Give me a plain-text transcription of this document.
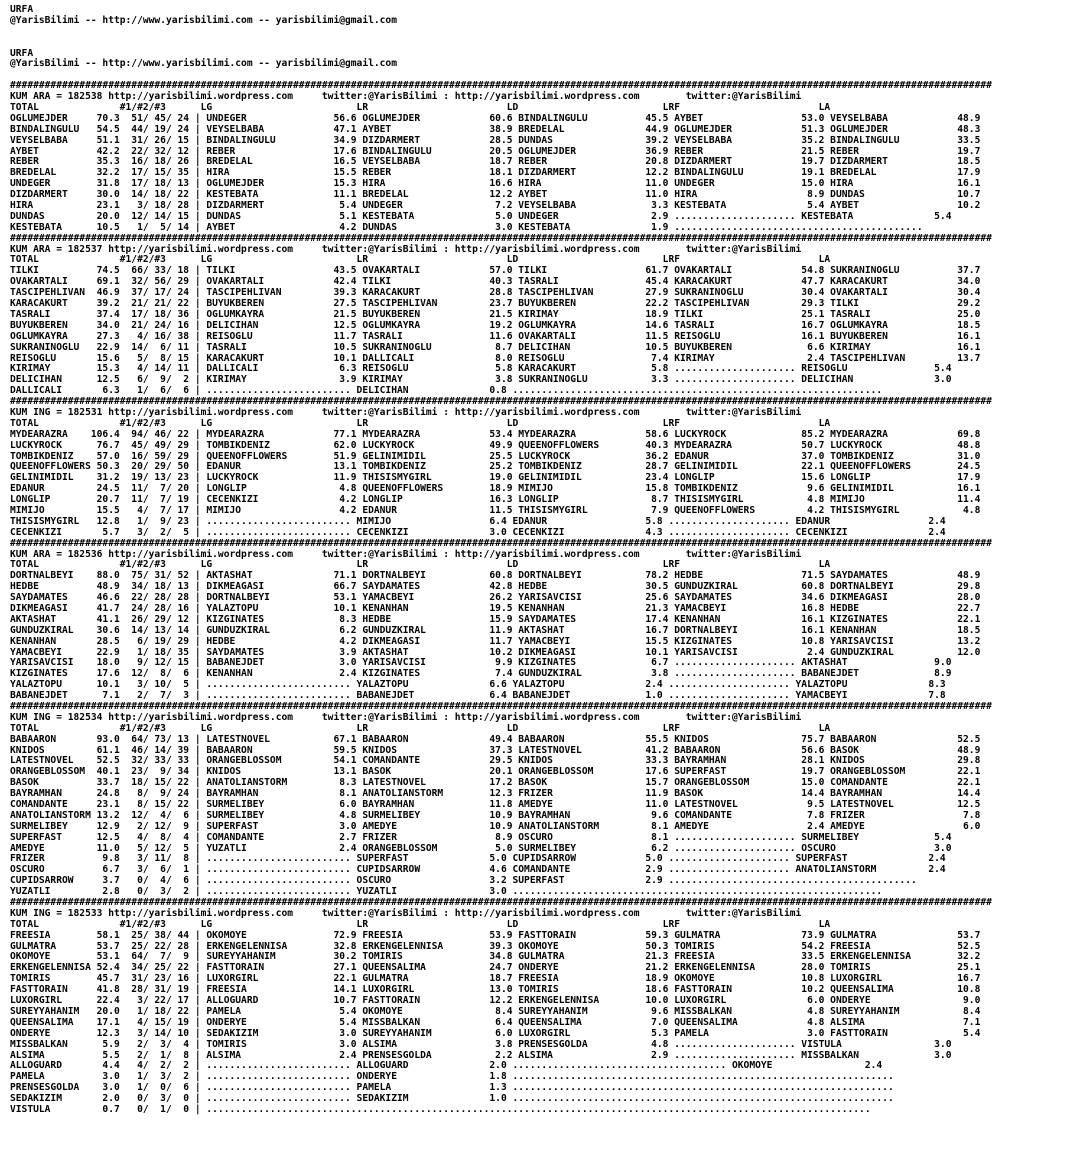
URFA
@YarisBilimi -- http://www.yarisbilimi.com -- yarisbilimi@gmail.com
URFA
@YarisBilimi -- http://www.yarisbilimi.com -- yarisbilimi@gmail.com
##########################################################################################################################################################################
KUM ARA = 182538 http://yarisbilimi.wordpress.com     twitter:@YarisBilimi : http://yarisbilimi.wordpress.com        twitter:@YarisBilimi
TOTAL              #1/#2/#3      LG                         LR                        LD                         LRF                        LA
OGLUMEJDER     70.3  51/ 45/ 24 | UNDEGER               56.6 OGLUMEJDER            60.6 BINDALINGULU          45.5 AYBET                 53.0 VEYSELBABA            48.9
BINDALINGULU   54.5  44/ 19/ 24 | VEYSELBABA            47.1 AYBET                 38.9 BREDELAL              44.9 OGLUMEJDER            51.3 OGLUMEJDER            48.3
VEYSELBABA     51.1  31/ 26/ 15 | BINDALINGULU          34.9 DIZDARMERT            28.5 DUNDAS                39.2 VEYSELBABA            35.2 BINDALINGULU          33.5
AYBET          42.2  22/ 32/ 12 | REBER                 17.6 BINDALINGULU          20.5 OGLUMEJDER            36.9 REBER                 21.5 REBER                 19.7
REBER          35.3  16/ 18/ 26 | BREDELAL              16.5 VEYSELBABA            18.7 REBER                 20.8 DIZDARMERT            19.7 DIZDARMERT            18.5
BREDELAL       32.2  17/ 15/ 35 | HIRA                  15.5 REBER                 18.1 DIZDARMERT            12.2 BINDALINGULU          19.1 BREDELAL              17.9
UNDEGER        31.8  17/ 18/ 13 | OGLUMEJDER            15.3 HIRA                  16.6 HIRA                  11.0 UNDEGER               15.0 HIRA                  16.1
DIZDARMERT     30.0  14/ 18/ 22 | KESTEBATA             11.1 BREDELAL              12.2 AYBET                 11.0 HIRA                   8.9 DUNDAS                10.7
HIRA           23.1   3/ 18/ 28 | DIZDARMERT             5.4 UNDEGER                7.2 VEYSELBABA             3.3 KESTEBATA              5.4 AYBET                 10.2
DUNDAS         20.0  12/ 14/ 15 | DUNDAS                 5.1 KESTEBATA              5.0 UNDEGER                2.9 ..................... KESTEBATA              5.4
KESTEBATA      10.5   1/  5/ 14 | AYBET                  4.2 DUNDAS                 3.0 KESTEBATA              1.9 ...........................................
##########################################################################################################################################################################
KUM ARA = 182537 http://yarisbilimi.wordpress.com     twitter:@YarisBilimi : http://yarisbilimi.wordpress.com        twitter:@YarisBilimi
TOTAL              #1/#2/#3      LG                         LR                        LD                         LRF                        LA
TILKI          74.5  66/ 33/ 18 | TILKI                 43.5 OVAKARTALI            57.0 TILKI                 61.7 OVAKARTALI            54.8 SUKRANINOGLU          37.7
OVAKARTALI     69.1  32/ 56/ 29 | OVAKARTALI            42.4 TILKI                 40.3 TASRALI               45.4 KARACAKURT            47.7 KARACAKURT            34.0
TASCIPEHLIVAN  46.9  37/ 17/ 24 | TASCIPEHLIVAN         39.3 KARACAKURT            28.8 TASCIPEHLIVAN         27.9 SUKRANINOGLU          30.4 OVAKARTALI            30.4
KARACAKURT     39.2  21/ 21/ 22 | BUYUKBEREN            27.5 TASCIPEHLIVAN         23.7 BUYUKBEREN            22.2 TASCIPEHLIVAN         29.3 TILKI                 29.2
TASRALI        37.4  17/ 18/ 36 | OGLUMKAYRA            21.5 BUYUKBEREN            21.5 KIRIMAY               18.9 TILKI                 25.1 TASRALI               25.0
BUYUKBEREN     34.0  21/ 24/ 16 | DELICIHAN             12.5 OGLUMKAYRA            19.2 OGLUMKAYRA            14.6 TASRALI               16.7 OGLUMKAYRA            18.5
OGLUMKAYRA     27.3   4/ 16/ 38 | REISOGLU              11.7 TASRALI               11.6 OVAKARTALI            11.5 REISOGLU              16.1 BUYUKBEREN            16.1
SUKRANINOGLU   22.9  14/  6/ 11 | TASRALI               10.5 SUKRANINOGLU           8.7 DELICIHAN             10.5 BUYUKBEREN             6.6 KIRIMAY               16.1
REISOGLU       15.6   5/  8/ 15 | KARACAKURT            10.1 DALLICALI              8.0 REISOGLU               7.4 KIRIMAY                2.4 TASCIPEHLIVAN         13.7
KIRIMAY        15.3   4/ 14/ 11 | DALLICALI              6.3 REISOGLU               5.8 KARACAKURT             5.8 ..................... REISOGLU               5.4
DELICIHAN      12.5   6/  9/  2 | KIRIMAY                3.9 KIRIMAY                3.8 SUKRANINOGLU           3.3 ..................... DELICIHAN              3.0
DALLICALI       6.3   1/  6/  6 | ......................... DELICIHAN              0.8 ................................................................
##########################################################################################################################################################################
KUM ING = 182531 http://yarisbilimi.wordpress.com     twitter:@YarisBilimi : http://yarisbilimi.wordpress.com        twitter:@YarisBilimi
TOTAL              #1/#2/#3      LG                         LR                        LD                         LRF                        LA
MYDEARAZRA    106.4  94/ 46/ 22 | MYDEARAZRA            77.1 MYDEARAZRA            53.4 MYDEARAZRA            58.6 LUCKYROCK             85.2 MYDEARAZRA            69.8
LUCKYROCK      76.7  45/ 49/ 29 | TOMBIKDENIZ           62.0 LUCKYROCK             49.9 QUEENOFFLOWERS        40.3 MYDEARAZRA            50.7 LUCKYROCK             48.8
TOMBIKDENIZ    57.0  16/ 59/ 29 | QUEENOFFLOWERS        51.9 GELINIMIDIL           25.5 LUCKYROCK             36.2 EDANUR                37.0 TOMBIKDENIZ           31.0
QUEENOFFLOWERS 50.3  20/ 29/ 50 | EDANUR                13.1 TOMBIKDENIZ           25.2 TOMBIKDENIZ           28.7 GELINIMIDIL           22.1 QUEENOFFLOWERS        24.5
GELINIMIDIL    31.2  19/ 13/ 23 | LUCKYROCK             11.9 THISISMYGIRL          19.0 GELINIMIDIL           23.4 LONGLIP               15.6 LONGLIP               17.9
EDANUR         24.5  11/  7/ 20 | LONGLIP                4.8 QUEENOFFLOWERS        18.9 MIMIJO                15.8 TOMBIKDENIZ            9.6 GELINIMIDIL           16.1
LONGLIP        20.7  11/  7/ 19 | CECENKIZI              4.2 LONGLIP               16.3 LONGLIP                8.7 THISISMYGIRL           4.8 MIMIJO                11.4
MIMIJO         15.5   4/  7/ 17 | MIMIJO                 4.2 EDANUR                11.5 THISISMYGIRL           7.9 QUEENOFFLOWERS         4.2 THISISMYGIRL           4.8
THISISMYGIRL   12.8   1/  9/ 23 | ......................... MIMIJO                 6.4 EDANUR                 5.8 ..................... EDANUR                 2.4
CECENKIZI       5.7   3/  2/  5 | ......................... CECENKIZI              3.0 CECENKIZI              4.3 ..................... CECENKIZI              2.4
##########################################################################################################################################################################
KUM ARA = 182536 http://yarisbilimi.wordpress.com     twitter:@YarisBilimi : http://yarisbilimi.wordpress.com        twitter:@YarisBilimi
TOTAL              #1/#2/#3      LG                         LR                        LD                         LRF                        LA
DORTNALBEYI    88.0  75/ 31/ 52 | AKTASHAT              71.1 DORTNALBEYI           60.8 DORTNALBEYI           78.2 HEDBE                 71.5 SAYDAMATES            48.9
HEDBE          48.9  34/ 18/ 13 | DIKMEAGASI            66.7 SAYDAMATES            42.8 HEDBE                 30.5 GUNDUZKIRAL           60.8 DORTNALBEYI           29.8
SAYDAMATES     46.6  22/ 28/ 28 | DORTNALBEYI           53.1 YAMACBEYI             26.2 YARISAVCISI           25.6 SAYDAMATES            34.6 DIKMEAGASI            28.0
DIKMEAGASI     41.7  24/ 28/ 16 | YALAZTOPU             10.1 KENANHAN              19.5 KENANHAN              21.3 YAMACBEYI             16.8 HEDBE                 22.7
AKTASHAT       41.1  26/ 29/ 12 | KIZGINATES             8.3 HEDBE                 15.9 SAYDAMATES            17.4 KENANHAN              16.1 KIZGINATES            22.1
GUNDUZKIRAL    30.6  14/ 13/ 14 | GUNDUZKIRAL            6.2 GUNDUZKIRAL           11.9 AKTASHAT              16.7 DORTNALBEYI           16.1 KENANHAN              18.5
KENANHAN       28.5   6/ 19/ 29 | HEDBE                  4.2 DIKMEAGASI            11.7 YAMACBEYI             15.5 KIZGINATES            10.8 YARISAVCISI           13.2
YAMACBEYI      22.9   1/ 18/ 35 | SAYDAMATES             3.9 AKTASHAT              10.2 DIKMEAGASI            10.1 YARISAVCISI            2.4 GUNDUZKIRAL           12.0
YARISAVCISI    18.0   9/ 12/ 15 | BABANEJDET             3.0 YARISAVCISI            9.9 KIZGINATES             6.7 ..................... AKTASHAT               9.0
KIZGINATES     17.6  12/  8/  6 | KENANHAN               2.4 KIZGINATES             7.4 GUNDUZKIRAL            3.8 ..................... BABANEJDET             8.9
YALAZTOPU      10.1   3/ 10/  5 | ......................... YALAZTOPU              6.6 YALAZTOPU              2.4 ..................... YALAZTOPU              8.3
BABANEJDET      7.1   2/  7/  3 | ......................... BABANEJDET             6.4 BABANEJDET             1.0 ..................... YAMACBEYI              7.8
##########################################################################################################################################################################
KUM ING = 182534 http://yarisbilimi.wordpress.com     twitter:@YarisBilimi : http://yarisbilimi.wordpress.com        twitter:@YarisBilimi
TOTAL              #1/#2/#3      LG                         LR                        LD                         LRF                        LA
BABAARON       93.0  64/ 73/ 13 | LATESTNOVEL           67.1 BABAARON              49.4 BABAARON              55.5 KNIDOS                75.7 BABAARON              52.5
KNIDOS         61.1  46/ 14/ 39 | BABAARON              59.5 KNIDOS                37.3 LATESTNOVEL           41.2 BABAARON              56.6 BASOK                 48.9
LATESTNOVEL    52.5  32/ 33/ 33 | ORANGEBLOSSOM         54.1 COMANDANTE            29.5 KNIDOS                33.3 BAYRAMHAN             28.1 KNIDOS                29.8
ORANGEBLOSSOM  40.1  23/  9/ 34 | KNIDOS                13.1 BASOK                 20.1 ORANGEBLOSSOM         17.6 SUPERFAST             19.7 ORANGEBLOSSOM         22.1
BASOK          33.7  18/ 15/ 22 | ANATOLIANSTORM         8.3 LATESTNOVEL           17.2 BASOK                 15.7 ORANGEBLOSSOM         15.0 COMANDANTE            22.1
BAYRAMHAN      24.8   8/  9/ 24 | BAYRAMHAN              8.1 ANATOLIANSTORM        12.3 FRIZER                11.9 BASOK                 14.4 BAYRAMHAN             14.4
COMANDANTE     23.1   8/ 15/ 22 | SURMELIBEY             6.0 BAYRAMHAN             11.8 AMEDYE                11.0 LATESTNOVEL            9.5 LATESTNOVEL           12.5
ANATOLIANSTORM 13.2  12/  4/  6 | SURMELIBEY             4.8 SURMELIBEY            10.9 BAYRAMHAN              9.6 COMANDANTE             7.8 FRIZER                 7.8
SURMELIBEY     12.9   2/ 12/  9 | SUPERFAST              3.0 AMEDYE                10.9 ANATOLIANSTORM         8.1 AMEDYE                 2.4 AMEDYE                 6.0
SUPERFAST      12.5   4/  8/  4 | COMANDANTE             2.7 FRIZER                 8.9 OSCURO                 8.1 ..................... SURMELIBEY             5.4
AMEDYE         11.0   5/ 12/  5 | YUZATLI                2.4 ORANGEBLOSSOM          5.0 SURMELIBEY             6.2 ..................... OSCURO                 3.0
FRIZER          9.8   3/ 11/  8 | ......................... SUPERFAST              5.0 CUPIDSARROW            5.0 ..................... SUPERFAST              2.4
OSCURO          6.7   3/  6/  1 | ......................... CUPIDSARROW            4.6 COMANDANTE             2.9 ..................... ANATOLIANSTORM         2.4
CUPIDSARROW     3.7   0/  4/  6 | ......................... OSCURO                 3.2 SUPERFAST              2.9 ...........................................
YUZATLI         2.8   0/  3/  2 | ......................... YUZATLI                3.0 ................................................................
##########################################################################################################################################################################
KUM ING = 182533 http://yarisbilimi.wordpress.com     twitter:@YarisBilimi : http://yarisbilimi.wordpress.com        twitter:@YarisBilimi
TOTAL              #1/#2/#3      LG                         LR                        LD                         LRF                        LA
FREESIA        58.1  25/ 38/ 44 | OKOMOYE               72.9 FREESIA               53.9 FASTTORAIN            59.3 GULMATRA              73.9 GULMATRA              53.7
GULMATRA       53.7  25/ 22/ 28 | ERKENGELENNISA        32.8 ERKENGELENNISA        39.3 OKOMOYE               50.3 TOMIRIS               54.2 FREESIA               52.5
OKOMOYE        53.1  64/  7/  9 | SUREYYAHANIM          30.2 TOMIRIS               34.8 GULMATRA              21.3 FREESIA               33.5 ERKENGELENNISA        32.2
ERKENGELENNISA 52.4  34/ 25/ 22 | FASTTORAIN            27.1 QUEENSALIMA           24.7 ONDERYE               21.2 ERKENGELENNISA        28.0 TOMIRIS               25.1
TOMIRIS        45.7  31/ 23/ 16 | LUXORGIRL             22.1 GULMATRA              18.7 FREESIA               18.9 OKOMOYE               10.8 LUXORGIRL             16.7
FASTTORAIN     41.8  28/ 31/ 19 | FREESIA               14.1 LUXORGIRL             13.0 TOMIRIS               18.6 FASTTORAIN            10.2 QUEENSALIMA           10.8
LUXORGIRL      22.4   3/ 22/ 17 | ALLOGUARD             10.7 FASTTORAIN            12.2 ERKENGELENNISA        10.0 LUXORGIRL              6.0 ONDERYE                9.0
SUREYYAHANIM   20.0   1/ 18/ 22 | PAMELA                 5.4 OKOMOYE                8.4 SUREYYAHANIM           9.6 MISSBALKAN             4.8 SUREYYAHANIM           8.4
QUEENSALIMA    17.1   4/ 15/ 19 | ONDERYE                5.4 MISSBALKAN             6.4 QUEENSALIMA            7.0 QUEENSALIMA            4.8 ALSIMA                 7.1
ONDERYE        12.3   3/ 14/ 10 | SEDAKIZIM              3.0 SUREYYAHANIM           6.0 LUXORGIRL              5.3 PAMELA                 3.0 FASTTORAIN             5.4
MISSBALKAN      5.9   2/  3/  4 | TOMIRIS                3.0 ALSIMA                 3.8 PRENSESGOLDA           4.8 ..................... VISTULA                3.0
ALSIMA          5.5   2/  1/  8 | ALSIMA                 2.4 PRENSESGOLDA           2.2 ALSIMA                 2.9 ..................... MISSBALKAN             3.0
ALLOGUARD       4.4   4/  2/  2 | ......................... ALLOGUARD              2.0 ..................................... OKOMOYE                2.4
PAMELA          3.0   1/  3/  2 | ......................... ONDERYE                1.8 ..................................................................
PRENSESGOLDA    3.0   1/  0/  6 | ......................... PAMELA                 1.3 ..................................................................
SEDAKIZIM       2.0   0/  3/  0 | ......................... SEDAKIZIM              1.0 ..................................................................
VISTULA         0.7   0/  1/  0 | ...................................................................................................................
